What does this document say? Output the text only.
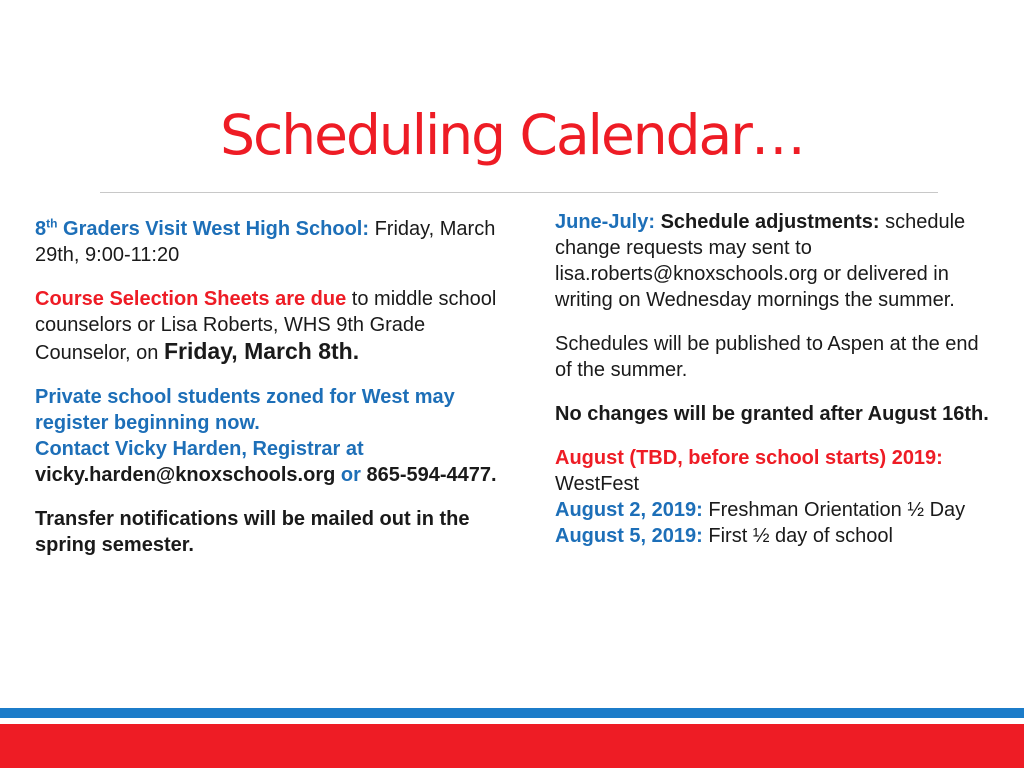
Scheduling Calendar…

8th Graders Visit West High School: Friday, March 29th, 9:00-11:20

Course Selection Sheets are due to middle school counselors or Lisa Roberts, WHS 9th Grade Counselor, on Friday, March 8th.

Private school students zoned for West may register beginning now.
Contact Vicky Harden, Registrar at
vicky.harden@knoxschools.org or 865-594-4477.

Transfer notifications will be mailed out in the spring semester.

June-July: Schedule adjustments: schedule change requests may sent to lisa.roberts@knoxschools.org or delivered in writing on Wednesday mornings the summer.

Schedules will be published to Aspen at the end of the summer.

No changes will be granted after August 16th.

August (TBD, before school starts) 2019: WestFest
August 2, 2019: Freshman Orientation ½ Day
August 5, 2019: First ½ day of school
